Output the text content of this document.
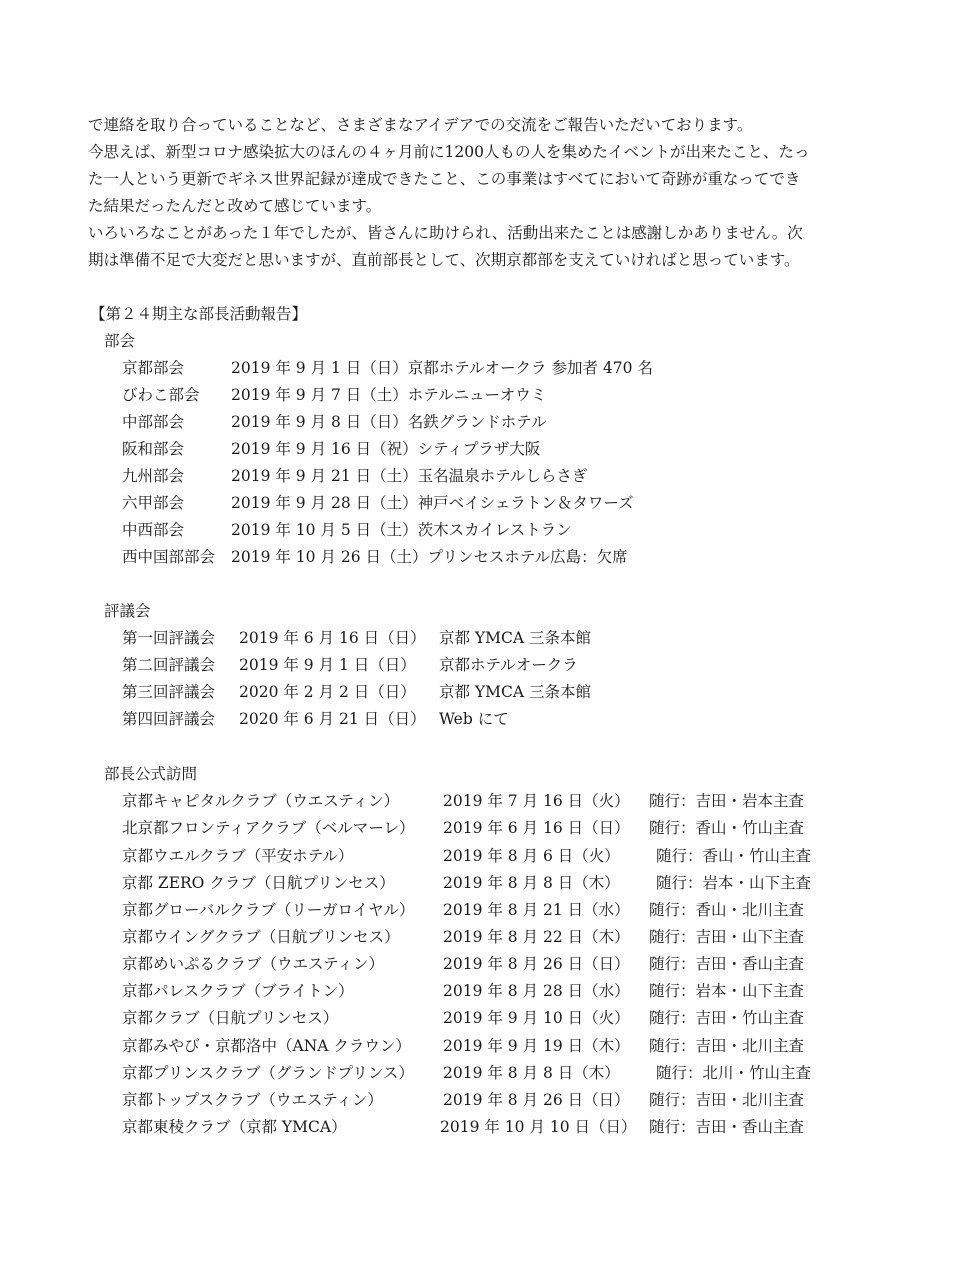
で連絡を取り合っていることなど、さまざまなアイデアでの交流をご報告いただいております。
今思えば、新型コロナ感染拡大のほんの４ヶ月前に1200人もの人を集めたイベントが出来たこと、たっ
た一人という更新でギネス世界記録が達成できたこと、この事業はすべてにおいて奇跡が重なってでき
た結果だったんだと改めて感じています。
いろいろなことがあった１年でしたが、皆さんに助けられ、活動出来たことは感謝しかありません。次
期は準備不足で大変だと思いますが、直前部長として、次期京都部を支えていければと思っています。
【第２４期主な部長活動報告】
部会
京都部会	2019 年 9 月 1 日（日）京都ホテルオークラ 参加者 470 名
びわこ部会 2019 年 9 月 7 日（土）ホテルニューオウミ
中部部会	2019 年 9 月 8 日（日）名鉄グランドホテル
阪和部会	2019 年 9 月 16 日（祝）シティプラザ大阪
九州部会	2019 年 9 月 21 日（土）玉名温泉ホテルしらさぎ
六甲部会	2019 年 9 月 28 日（土）神戸ベイシェラトン＆タワーズ
中西部会	2019 年 10 月 5 日（土）茨木スカイレストラン
西中国部部会 2019 年 10 月 26 日（土）プリンセスホテル広島：欠席
評議会
第一回評議会 2019 年 6 月 16 日（日） 京都 YMCA 三条本館
第二回評議会 2019 年 9 月 1 日（日） 京都ホテルオークラ
第三回評議会 2020 年 2 月 2 日（日） 京都 YMCA 三条本館
第四回評議会 2020 年 6 月 21 日（日） Web にて
部長公式訪問
京都キャピタルクラブ（ウエスティン）	2019 年 7 月 16 日（火） 随行：吉田・岩本主査
北京都フロンティアクラブ（ベルマーレ） 2019 年 6 月 16 日（日） 随行：香山・竹山主査
京都ウエルクラブ（平安ホテル）	2019 年 8 月 6 日（火） 随行：香山・竹山主査
京都 ZERO クラブ（日航プリンセス）	2019 年 8 月 8 日（木） 随行：岩本・山下主査
京都グローバルクラブ（リーガロイヤル） 2019 年 8 月 21 日（水） 随行：香山・北川主査
京都ウイングクラブ（日航プリンセス）	2019 年 8 月 22 日（木） 随行：吉田・山下主査
京都めいぷるクラブ（ウエスティン）	2019 年 8 月 26 日（日） 随行：吉田・香山主査
京都パレスクラブ（ブライトン）	2019 年 8 月 28 日（水） 随行：岩本・山下主査
京都クラブ（日航プリンセス）	2019 年 9 月 10 日（火） 随行：吉田・竹山主査
京都みやび・京都洛中（ANA クラウン） 2019 年 9 月 19 日（木） 随行：吉田・北川主査
京都プリンスクラブ（グランドプリンス） 2019 年 8 月 8 日（木） 随行：北川・竹山主査
京都トップスクラブ（ウエスティン）	2019 年 8 月 26 日（日） 随行：吉田・北川主査
京都東稜クラブ（京都 YMCA）	2019 年 10 月 10 日（日） 随行：吉田・香山主査
